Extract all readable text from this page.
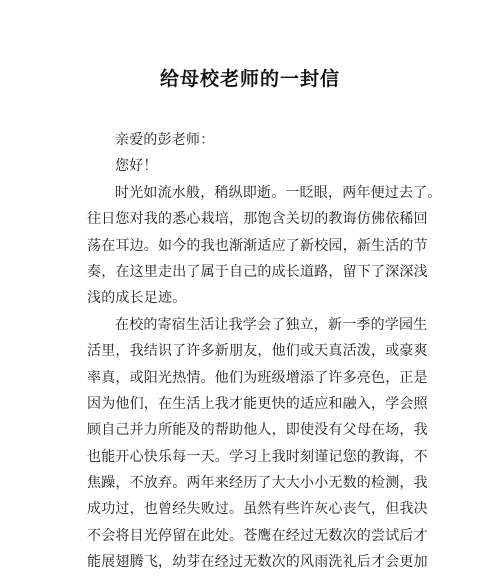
给母校老师的一封信
亲爱的彭老师：
您好！
时光如流水般，稍纵即逝。一眨眼，两年便过去了。
往日您对我的悉心栽培，那饱含关切的教诲仿佛依稀回
荡在耳边。如今的我也渐渐适应了新校园，新生活的节
奏，在这里走出了属于自己的成长道路，留下了深深浅
浅的成长足迹。
在校的寄宿生活让我学会了独立，新一季的学园生
活里，我结识了许多新朋友，他们或天真活泼，或豪爽
率真，或阳光热情。他们为班级增添了许多亮色，正是
因为他们，在生活上我才能更快的适应和融入，学会照
顾自己并力所能及的帮助他人，即使没有父母在场，我
也能开心快乐每一天。学习上我时刻谨记您的教诲，不
焦躁，不放弃。两年来经历了大大小小无数的检测，我
成功过，也曾经失败过。虽然有些许灰心丧气，但我决
不会将目光停留在此处。苍鹰在经过无数次的尝试后才
能展翅腾飞，幼芽在经过无数次的风雨洗礼后才会更加
